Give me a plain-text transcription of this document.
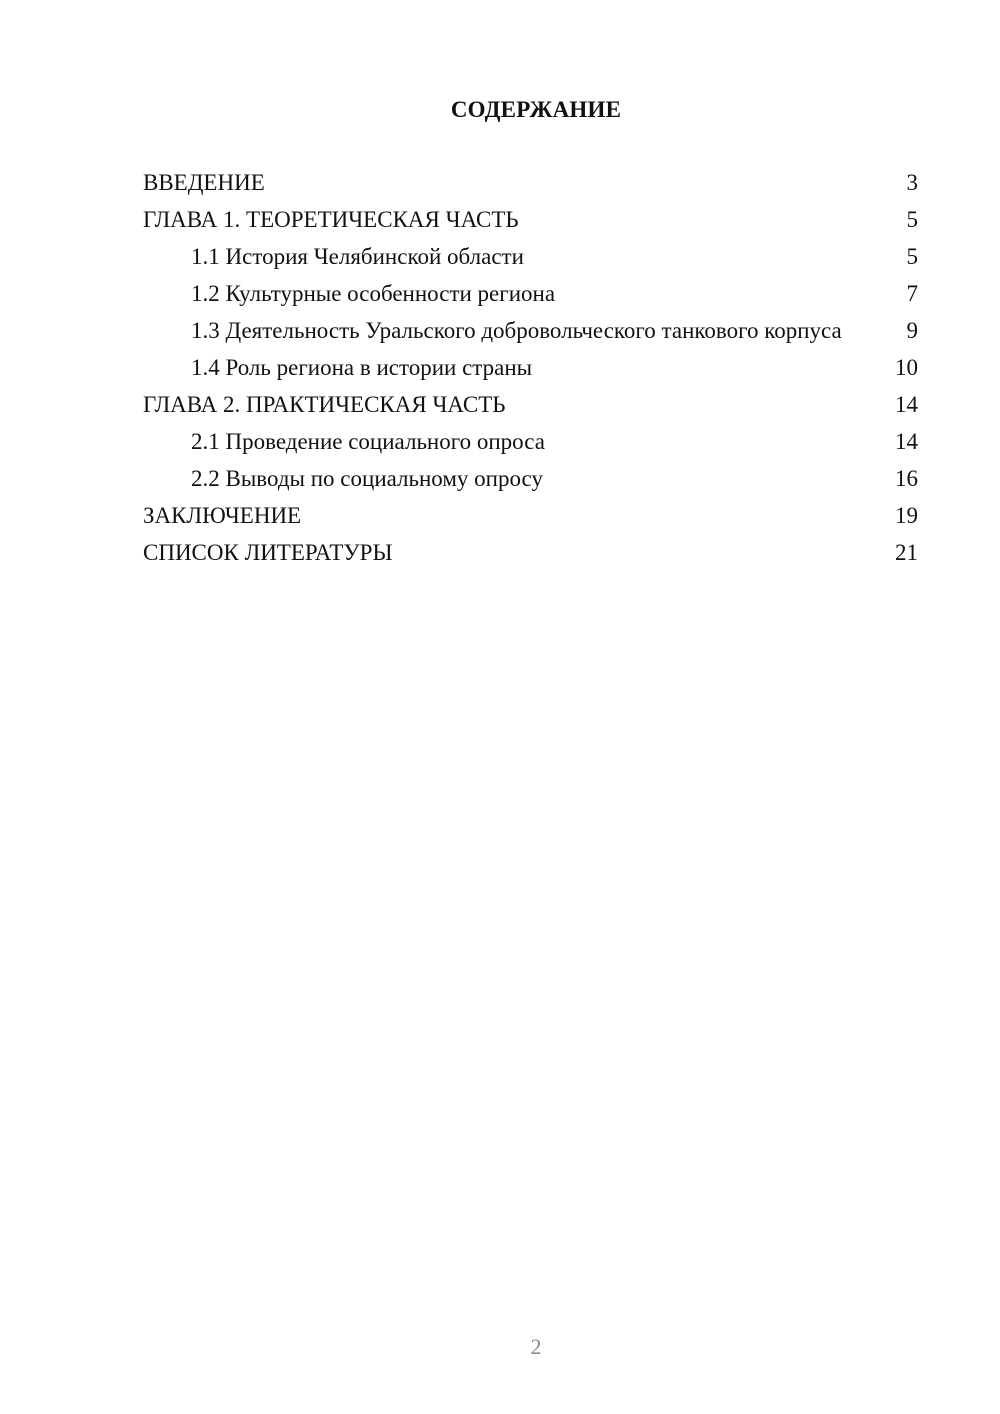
СОДЕРЖАНИЕ
ВВЕДЕНИЕ	3
ГЛАВА 1. ТЕОРЕТИЧЕСКАЯ ЧАСТЬ	5
1.1 История Челябинской области	5
1.2 Культурные особенности региона	7
1.3 Деятельность Уральского добровольческого танкового корпуса	9
1.4 Роль региона в истории страны	10
ГЛАВА 2. ПРАКТИЧЕСКАЯ ЧАСТЬ	14
2.1 Проведение социального опроса	14
2.2 Выводы по социальному опросу	16
ЗАКЛЮЧЕНИЕ	19
СПИСОК ЛИТЕРАТУРЫ	21
2
